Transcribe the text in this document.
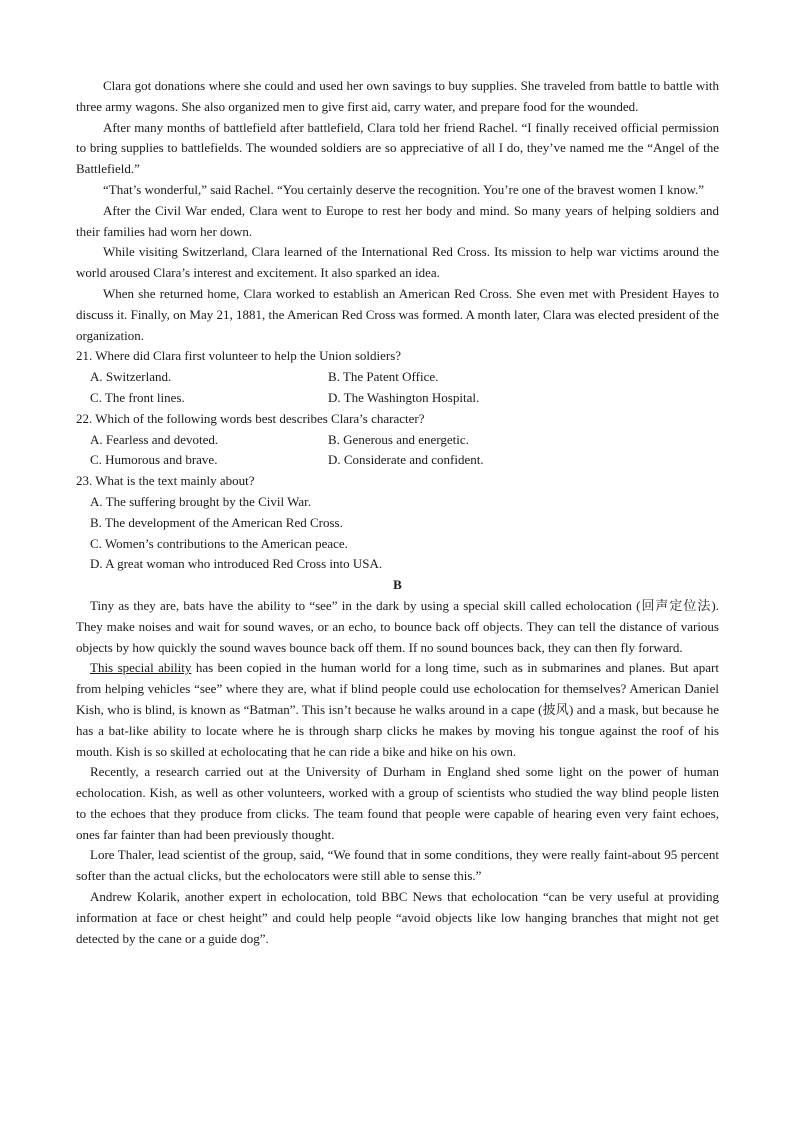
Clara got donations where she could and used her own savings to buy supplies. She traveled from battle to battle with three army wagons. She also organized men to give first aid, carry water, and prepare food for the wounded.

After many months of battlefield after battlefield, Clara told her friend Rachel. “I finally received official permission to bring supplies to battlefields. The wounded soldiers are so appreciative of all I do, they’ve named me the “Angel of the Battlefield.”

“That’s wonderful,” said Rachel. “You certainly deserve the recognition. You’re one of the bravest women I know.”

After the Civil War ended, Clara went to Europe to rest her body and mind. So many years of helping soldiers and their families had worn her down.

While visiting Switzerland, Clara learned of the International Red Cross. Its mission to help war victims around the world aroused Clara’s interest and excitement. It also sparked an idea.

When she returned home, Clara worked to establish an American Red Cross. She even met with President Hayes to discuss it. Finally, on May 21, 1881, the American Red Cross was formed. A month later, Clara was elected president of the organization.

21. Where did Clara first volunteer to help the Union soldiers?

A. Switzerland.	B. The Patent Office.

C. The front lines.	D. The Washington Hospital.

22. Which of the following words best describes Clara’s character?

A. Fearless and devoted.	B. Generous and energetic.

C. Humorous and brave.	D. Considerate and confident.

23. What is the text mainly about?

A. The suffering brought by the Civil War.

B. The development of the American Red Cross.

C. Women’s contributions to the American peace.

D. A great woman who introduced Red Cross into USA.

B

Tiny as they are, bats have the ability to “see” in the dark by using a special skill called echolocation (回声定位法). They make noises and wait for sound waves, or an echo, to bounce back off objects. They can tell the distance of various objects by how quickly the sound waves bounce back off them. If no sound bounces back, they can then fly forward.

This special ability has been copied in the human world for a long time, such as in submarines and planes. But apart from helping vehicles “see” where they are, what if blind people could use echolocation for themselves? American Daniel Kish, who is blind, is known as “Batman”. This isn’t because he walks around in a cape (披风) and a mask, but because he has a bat-like ability to locate where he is through sharp clicks he makes by moving his tongue against the roof of his mouth. Kish is so skilled at echolocating that he can ride a bike and hike on his own.

Recently, a research carried out at the University of Durham in England shed some light on the power of human echolocation. Kish, as well as other volunteers, worked with a group of scientists who studied the way blind people listen to the echoes that they produce from clicks. The team found that people were capable of hearing even very faint echoes, ones far fainter than had been previously thought.

Lore Thaler, lead scientist of the group, said, “We found that in some conditions, they were really faint-about 95 percent softer than the actual clicks, but the echolocators were still able to sense this.”

Andrew Kolarik, another expert in echolocation, told BBC News that echolocation “can be very useful at providing information at face or chest height” and could help people “avoid objects like low hanging branches that might not get detected by the cane or a guide dog”.
